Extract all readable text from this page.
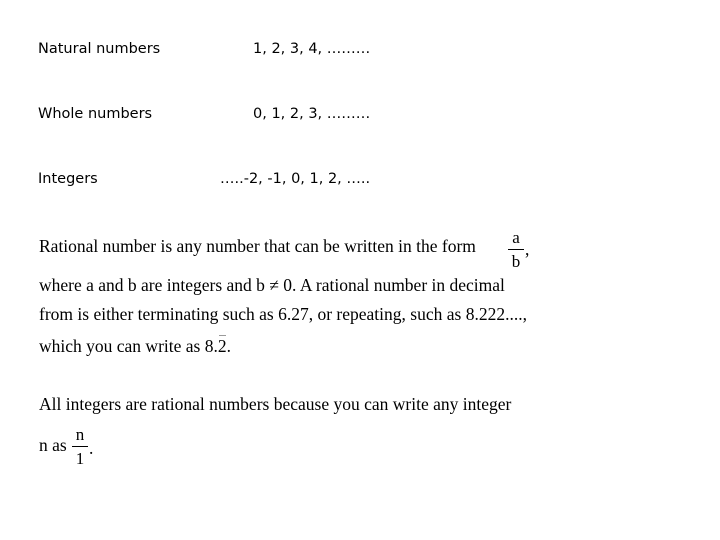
Natural numbers	1, 2, 3, 4, ………
Whole numbers	0, 1, 2, 3, ………
Integers	…..-2, -1, 0, 1, 2, …..
Rational number is any number that can be written in the form a
b
,
where a and b are integers and b ≠ 0. A rational number in decimal
from is either terminating such as 6.27, or repeating, such as 8.222....,
which you can write as 8.2.
All integers are rational numbers because you can write any integer
n as
n
1
.
